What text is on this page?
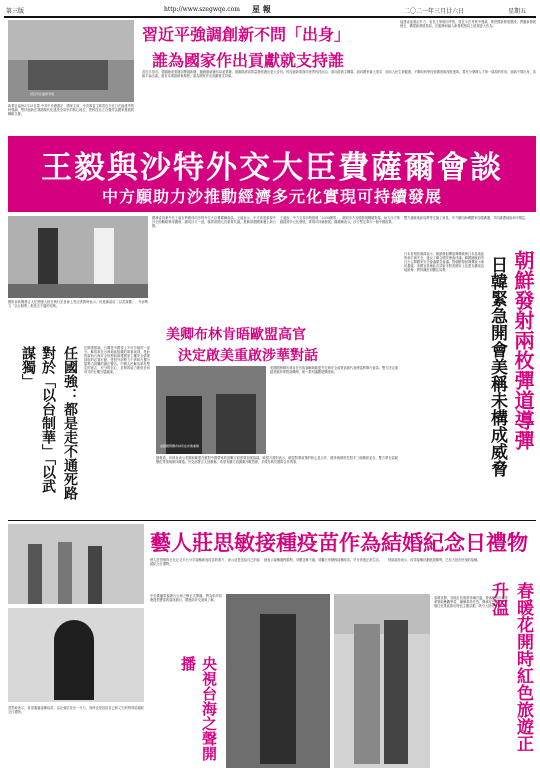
第三版	http://www.szegwqe.com 星 報	二〇二一年三月廿六日	星期五
習近平在福建考察
新華社福州3月25日電 中共中央總書記、國家主席、中央軍委主席習近平近日在福建考察時強調，堅持創新在我國現代化建設全局中的核心地位，把科技自立自強作為國家發展的戰略支撐。
習近平強調創新不問「出身」
誰為國家作出貢獻就支持誰
習近平指出，要圍繞產業鏈部署創新鏈、圍繞創新鏈布局產業鏈，推動經濟高質量發展邁出更大步伐。科技創新要面向世界科技前沿、面向經濟主戰場、面向國家重大需求、面向人民生命健康，不斷向科學技術廣度和深度進軍。要充分發揮人才第一資源的作用，創新不問出身，英雄不論出處，誰有本事誰就來揭榜，誰為國家作出貢獻就支持誰。
福建省委書記尹力、省長王寧陪同考察。習近平在考察中強調，要把握新發展階段、貫徹新發展理念、構建新發展格局，在服務和融入新發展格局上展現更大作為。
王毅與沙特外交大臣費薩爾會談
中方願助力沙推動經濟多元化實現可持續發展
國務委員兼外長王毅在利雅得同沙特外交大臣費薩爾會談。王毅表示，中方高度重視中沙全面戰略夥伴關係，願同沙方一道，落實兩國元首重要共識，推動兩國關係邁上新台階。
王毅說，中方支持沙特推進「2030願景」，願同沙方加強發展戰略對接，助力沙方推動經濟多元化發展，實現可持續發展。費薩爾表示，沙方堅定奉行一個中國政策。
雙方還就地區局勢等交換了意見。中方願同海灣國家加強溝通，共同維護地區和平穩定。
朝鮮發射兩枚彈道導彈
日韓緊急開會美稱未構成威脅
日本首相菅義偉表示，朝鮮發射彈道導彈威脅日本及地區的和平與安全，違反了聯合國安理會決議。韓國總統府青瓦台召開國家安全會議緊急會議，對朝鮮發射導彈表示深切憂慮。美國官員稱此次試射未對美國本土及盟友構成直接威脅，將持續密切關注局勢。
國防部新聞發言人任國強大校在例行記者會上答記者問時表示，民進黨當局「以武謀獨」、外部勢力「以台制華」都是走不通的死路。
任國強：都是走不通死路
對於「以台制華」「以武謀獨」	任國強強調，台灣是中國領土不可分割的一部分。解放軍在台海地區組織的軍事演訓，是針對當前台海安全形勢和維護國家主權安全需要採取的必要行動，是對外部勢力干涉和台獨分裂勢力挑釁的嚴正警告。中國人民解放軍有堅定的意志、充分的信心、足夠的能力挫敗任何形式的台獨分裂圖謀。
美卿布林肯晤歐盟高官
決定啟美重啟涉華對話
美國國務卿布林肯在布魯塞爾
美國國務卿布林肯在布魯塞爾與歐盟外交與安全政策高級代表博雷利舉行會談。雙方決定重啟美歐涉華對話機制，就一系列議題展開磋商。
據報道，布林肯表示美國和歐盟在應對中國帶來的挑戰方面需要加強協調。歐盟方面則表示，歐盟對華政策的核心是合作、競爭與制度性對手三個層面並存，雙方將在氣候變化等領域保持溝通。外交部發言人回應稱，希望有關方面摒棄冷戰思維，多做有利於國際合作的事。
莊思敏表示，希望通過接種疫苗，為社會抗疫出一分力，同時也是送給自己和丈夫的特別結婚紀念日禮物。
藝人莊思敏接種疫苗作為結婚紀念日禮物
藝人莊思敏昨日在社交平台分享接種新冠疫苗的照片，表示這是送給自己的結婚紀念日禮物。
她表示接種過程順利，身體並無不適，呼籲大家積極接種疫苗，早日恢復正常生活。	特區政府表示，疫苗接種計劃進展順利，已有大批市民預約接種。
春暖花開時紅色旅遊正升溫
春暖花開，各地紅色旅遊持續升溫，遊客紛紛前往革命聖地參觀學習，緬懷革命先烈，傳承紅色基因。多個紅色景區推出特色主題活動，吸引大批遊客。
中央廣播電視總台台海之聲正式開播，將為兩岸同胞提供豐富的資訊節目，增進兩岸交流與了解。
央視台海之聲開播
